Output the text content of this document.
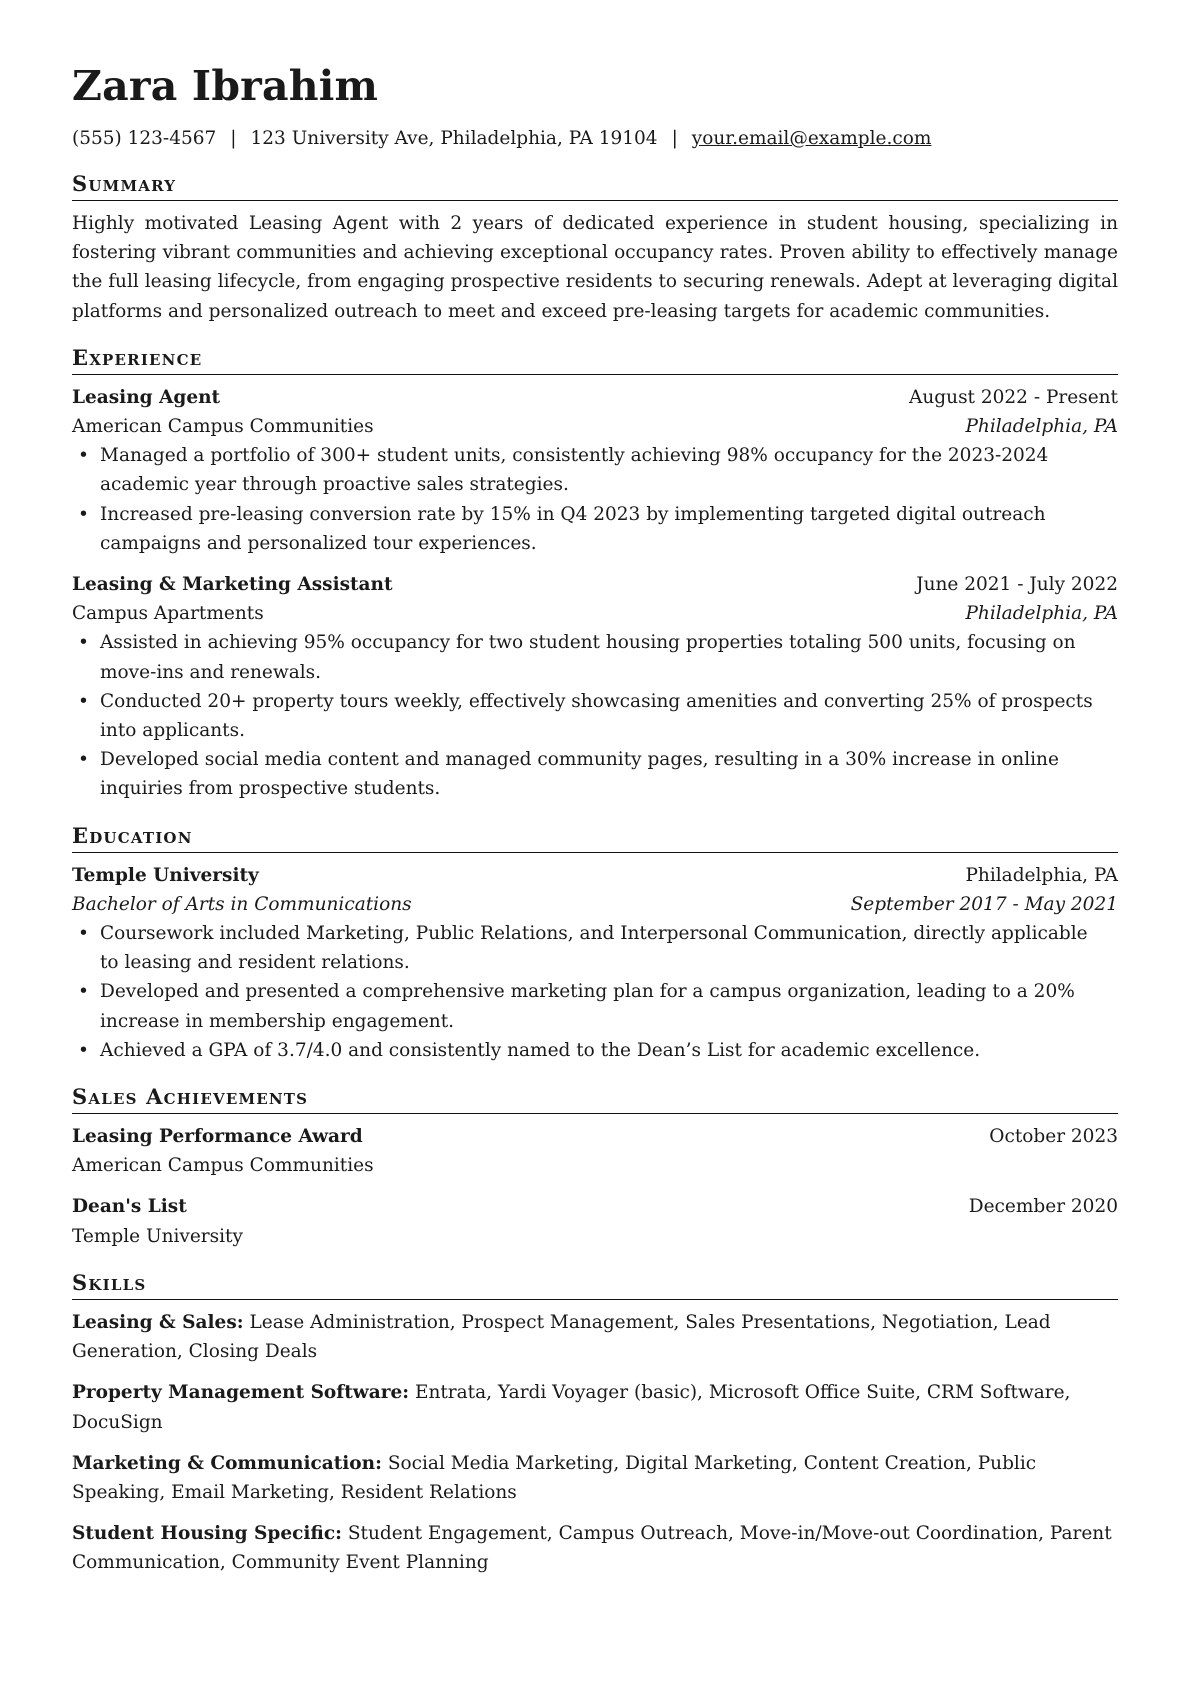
Zara Ibrahim
(555) 123-4567 | 123 University Ave, Philadelphia, PA 19104 | your.email@example.com
Summary
Highly motivated Leasing Agent with 2 years of dedicated experience in student housing, specializing in fostering vibrant communities and achieving exceptional occupancy rates. Proven ability to effectively manage the full leasing lifecycle, from engaging prospective residents to securing renewals. Adept at leveraging digital platforms and personalized outreach to meet and exceed pre-leasing targets for academic communities.
Experience
Leasing Agent	August 2022 - Present
American Campus Communities	Philadelphia, PA
• Managed a portfolio of 300+ student units, consistently achieving 98% occupancy for the 2023-2024 academic year through proactive sales strategies.
• Increased pre-leasing conversion rate by 15% in Q4 2023 by implementing targeted digital outreach campaigns and personalized tour experiences.
Leasing & Marketing Assistant	June 2021 - July 2022
Campus Apartments	Philadelphia, PA
• Assisted in achieving 95% occupancy for two student housing properties totaling 500 units, focusing on move-ins and renewals.
• Conducted 20+ property tours weekly, effectively showcasing amenities and converting 25% of prospects into applicants.
• Developed social media content and managed community pages, resulting in a 30% increase in online inquiries from prospective students.
Education
Temple University	Philadelphia, PA
Bachelor of Arts in Communications	September 2017 - May 2021
• Coursework included Marketing, Public Relations, and Interpersonal Communication, directly applicable to leasing and resident relations.
• Developed and presented a comprehensive marketing plan for a campus organization, leading to a 20% increase in membership engagement.
• Achieved a GPA of 3.7/4.0 and consistently named to the Dean’s List for academic excellence.
Sales Achievements
Leasing Performance Award	October 2023
American Campus Communities
Dean's List	December 2020
Temple University
Skills
Leasing & Sales: Lease Administration, Prospect Management, Sales Presentations, Negotiation, Lead Generation, Closing Deals
Property Management Software: Entrata, Yardi Voyager (basic), Microsoft Office Suite, CRM Software, DocuSign
Marketing & Communication: Social Media Marketing, Digital Marketing, Content Creation, Public Speaking, Email Marketing, Resident Relations
Student Housing Specific: Student Engagement, Campus Outreach, Move-in/Move-out Coordination, Parent Communication, Community Event Planning
